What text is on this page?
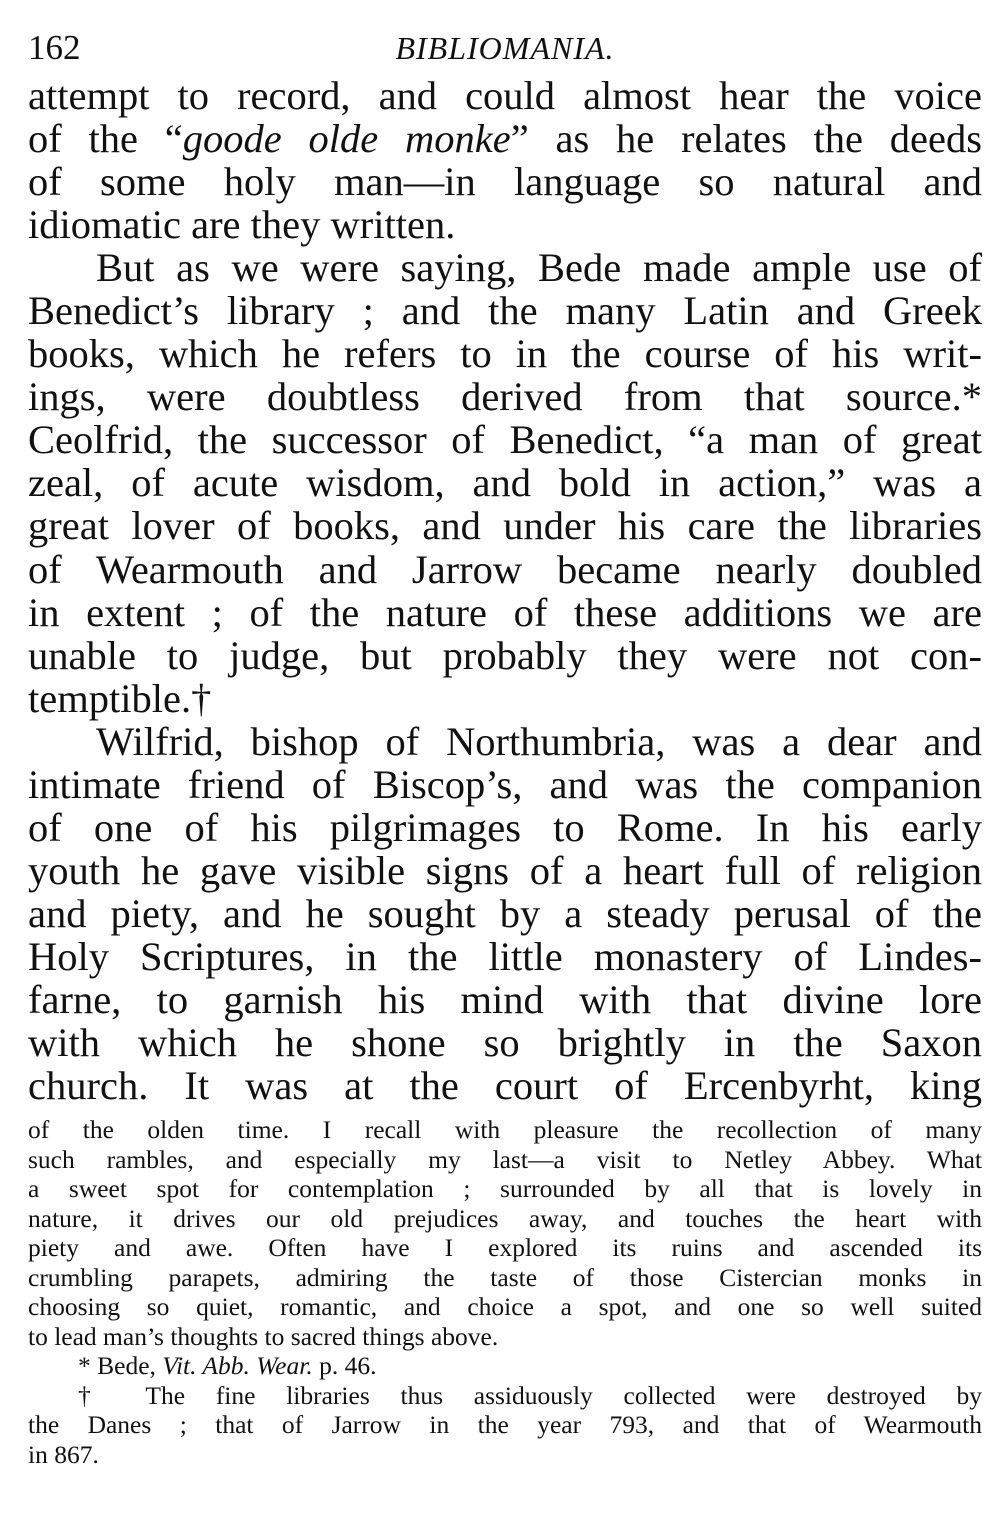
162	BIBLIOMANIA.
attempt to record, and could almost hear the voice
of the “goode olde monke” as he relates the deeds
of some holy man—in language so natural and
idiomatic are they written.
But as we were saying, Bede made ample use of
Benedict’s library ; and the many Latin and Greek
books, which he refers to in the course of his writ-
ings, were doubtless derived from that source.*
Ceolfrid, the successor of Benedict, “a man of great
zeal, of acute wisdom, and bold in action,” was a
great lover of books, and under his care the libraries
of Wearmouth and Jarrow became nearly doubled
in extent ; of the nature of these additions we are
unable to judge, but probably they were not con-
temptible.†
Wilfrid, bishop of Northumbria, was a dear and
intimate friend of Biscop’s, and was the companion
of one of his pilgrimages to Rome. In his early
youth he gave visible signs of a heart full of religion
and piety, and he sought by a steady perusal of the
Holy Scriptures, in the little monastery of Lindes-
farne, to garnish his mind with that divine lore
with which he shone so brightly in the Saxon
church. It was at the court of Ercenbyrht, king
of the olden time. I recall with pleasure the recollection of many
such rambles, and especially my last—a visit to Netley Abbey. What
a sweet spot for contemplation ; surrounded by all that is lovely in
nature, it drives our old prejudices away, and touches the heart with
piety and awe. Often have I explored its ruins and ascended its
crumbling parapets, admiring the taste of those Cistercian monks in
choosing so quiet, romantic, and choice a spot, and one so well suited
to lead man’s thoughts to sacred things above.
* Bede, Vit. Abb. Wear. p. 46.
† The fine libraries thus assiduously collected were destroyed by
the Danes ; that of Jarrow in the year 793, and that of Wearmouth
in 867.
